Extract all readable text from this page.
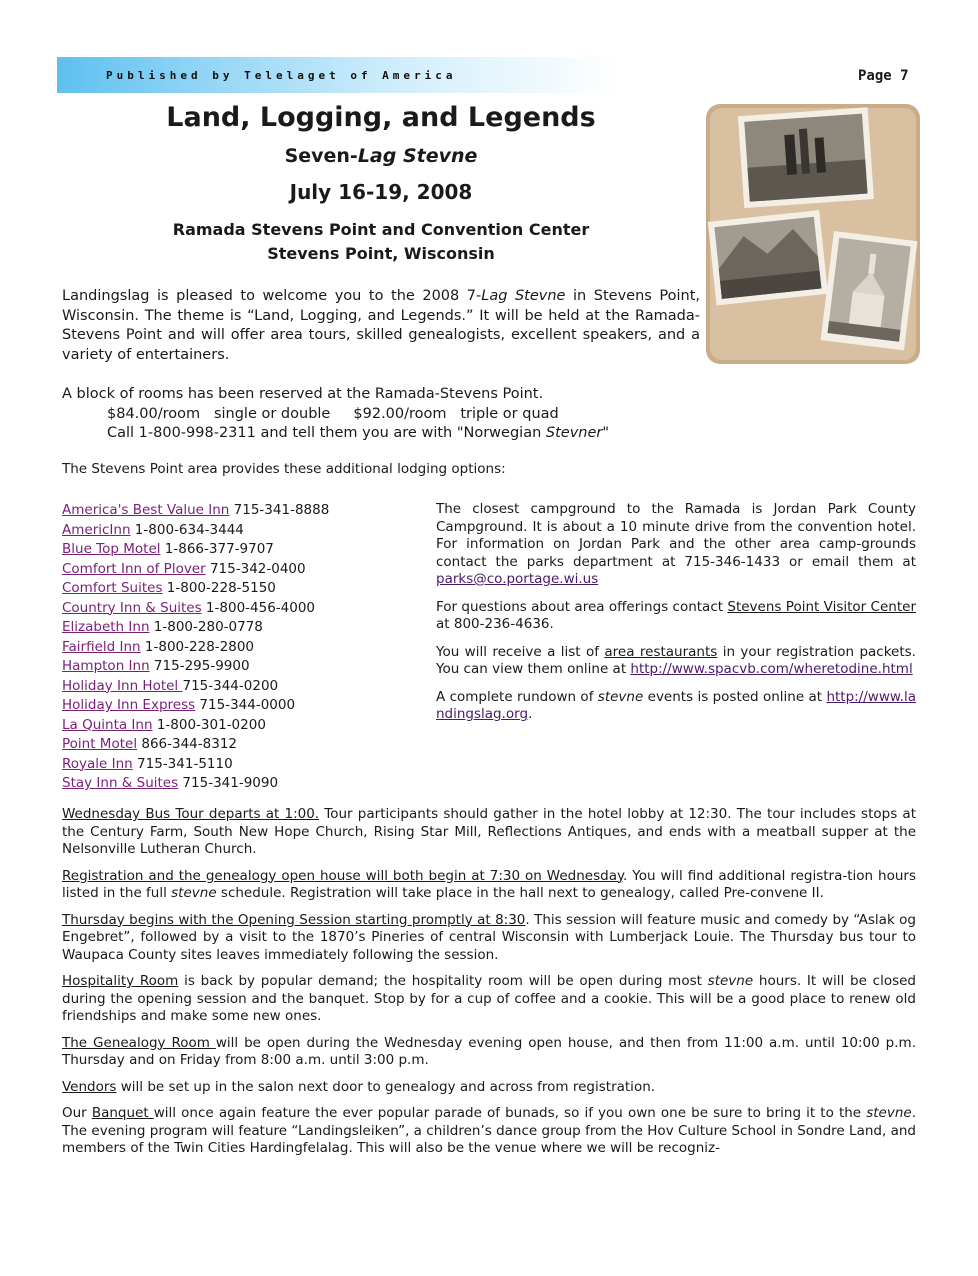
Published by Telelaget of America	Page 7

Land, Logging, and Legends

Seven-Lag Stevne

July 16-19, 2008

Ramada Stevens Point and Convention Center

Stevens Point, Wisconsin

Landingslag is pleased to welcome you to the 2008 7-Lag Stevne in Stevens Point, Wisconsin. The theme is “Land, Logging, and Legends.” It will be held at the Ramada-Stevens Point and will offer area tours, skilled genealogists, excellent speakers, and a variety of entertainers.

A block of rooms has been reserved at the Ramada-Stevens Point.

$84.00/room   single or double     $92.00/room   triple or quad

Call 1-800-998-2311 and tell them you are with "Norwegian Stevner"

The Stevens Point area provides these additional lodging options:
America's Best Value Inn 715-341-8888
AmericInn 1-800-634-3444
Blue Top Motel 1-866-377-9707
Comfort Inn of Plover 715-342-0400
Comfort Suites 1-800-228-5150
Country Inn & Suites 1-800-456-4000
Elizabeth Inn 1-800-280-0778
Fairfield Inn 1-800-228-2800
Hampton Inn 715-295-9900
Holiday Inn Hotel 715-344-0200
Holiday Inn Express 715-344-0000
La Quinta Inn 1-800-301-0200
Point Motel 866-344-8312
Royale Inn 715-341-5110
Stay Inn & Suites 715-341-9090

The closest campground to the Ramada is Jordan Park County Campground. It is about a 10 minute drive from the convention hotel. For information on Jordan Park and the other area camp-grounds contact the parks department at 715-346-1433 or email them at parks@co.portage.wi.us

For questions about area offerings contact Stevens Point Visitor Center at 800-236-4636.

You will receive a list of area restaurants in your registration packets. You can view them online at http://www.spacvb.com/wheretodine.html

A complete rundown of stevne events is posted online at http://www.landingslag.org.

Wednesday Bus Tour departs at 1:00. Tour participants should gather in the hotel lobby at 12:30. The tour includes stops at the Century Farm, South New Hope Church, Rising Star Mill, Reflections Antiques, and ends with a meatball supper at the Nelsonville Lutheran Church.

Registration and the genealogy open house will both begin at 7:30 on Wednesday. You will find additional registra-tion hours listed in the full stevne schedule. Registration will take place in the hall next to genealogy, called Pre-convene II.

Thursday begins with the Opening Session starting promptly at 8:30. This session will feature music and comedy by “Aslak og Engebret”, followed by a visit to the 1870’s Pineries of central Wisconsin with Lumberjack Louie. The Thursday bus tour to Waupaca County sites leaves immediately following the session.

Hospitality Room is back by popular demand; the hospitality room will be open during most stevne hours. It will be closed during the opening session and the banquet. Stop by for a cup of coffee and a cookie. This will be a good place to renew old friendships and make some new ones.

The Genealogy Room will be open during the Wednesday evening open house, and then from 11:00 a.m. until 10:00 p.m. Thursday and on Friday from 8:00 a.m. until 3:00 p.m.

Vendors will be set up in the salon next door to genealogy and across from registration.

Our Banquet will once again feature the ever popular parade of bunads, so if you own one be sure to bring it to the stevne. The evening program will feature “Landingsleiken”, a children’s dance group from the Hov Culture School in Sondre Land, and members of the Twin Cities Hardingfelalag. This will also be the venue where we will be recogniz-
